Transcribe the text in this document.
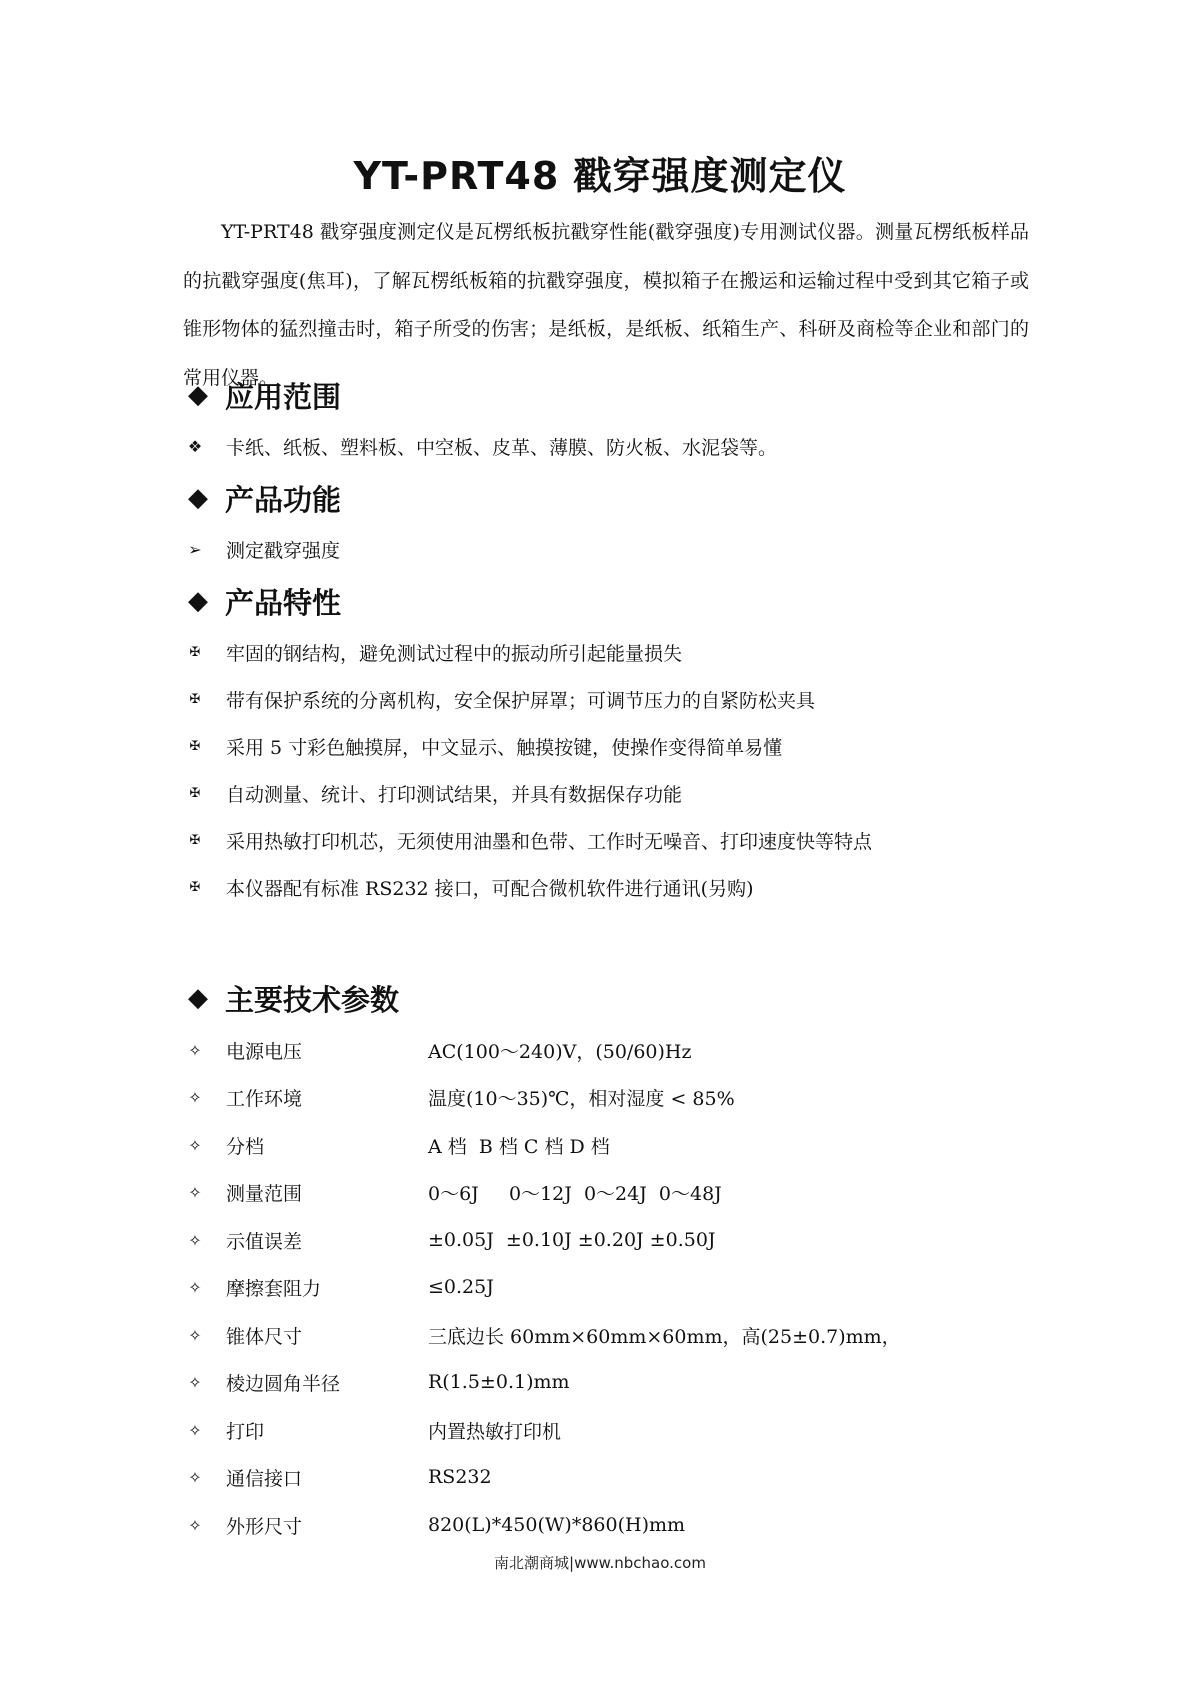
YT-PRT48 戳穿强度测定仪
YT-PRT48 戳穿强度测定仪是瓦楞纸板抗戳穿性能(戳穿强度)专用测试仪器。测量瓦楞纸板样品的抗戳穿强度(焦耳)，了解瓦楞纸板箱的抗戳穿强度，模拟箱子在搬运和运输过程中受到其它箱子或锥形物体的猛烈撞击时，箱子所受的伤害；是纸板，是纸板、纸箱生产、科研及商检等企业和部门的常用仪器。
◆ 应用范围
❖ 卡纸、纸板、塑料板、中空板、皮革、薄膜、防火板、水泥袋等。
◆ 产品功能
➢ 测定戳穿强度
◆ 产品特性
✠	牢固的钢结构，避免测试过程中的振动所引起能量损失
✠	带有保护系统的分离机构，安全保护屏罩；可调节压力的自紧防松夹具
✠	采用 5 寸彩色触摸屏，中文显示、触摸按键，使操作变得简单易懂
✠	自动测量、统计、打印测试结果，并具有数据保存功能
✠	采用热敏打印机芯，无须使用油墨和色带、工作时无噪音、打印速度快等特点
✠	本仪器配有标准 RS232 接口，可配合微机软件进行通讯(另购)
◆ 主要技术参数
✧ 电源电压	AC(100～240)V，(50/60)Hz
✧ 工作环境	温度(10～35)℃，相对湿度 < 85%
✧ 分档	A 档  B 档 C 档 D 档
✧ 测量范围	0～6J     0～12J  0～24J  0～48J
✧ 示值误差	±0.05J  ±0.10J ±0.20J ±0.50J
✧ 摩擦套阻力	≤0.25J
✧ 锥体尺寸	三底边长 60mm×60mm×60mm，高(25±0.7)mm，
✧ 棱边圆角半径	R(1.5±0.1)mm
✧ 打印	内置热敏打印机
✧ 通信接口	RS232
✧ 外形尺寸	820(L)*450(W)*860(H)mm
南北潮商城|www.nbchao.com
